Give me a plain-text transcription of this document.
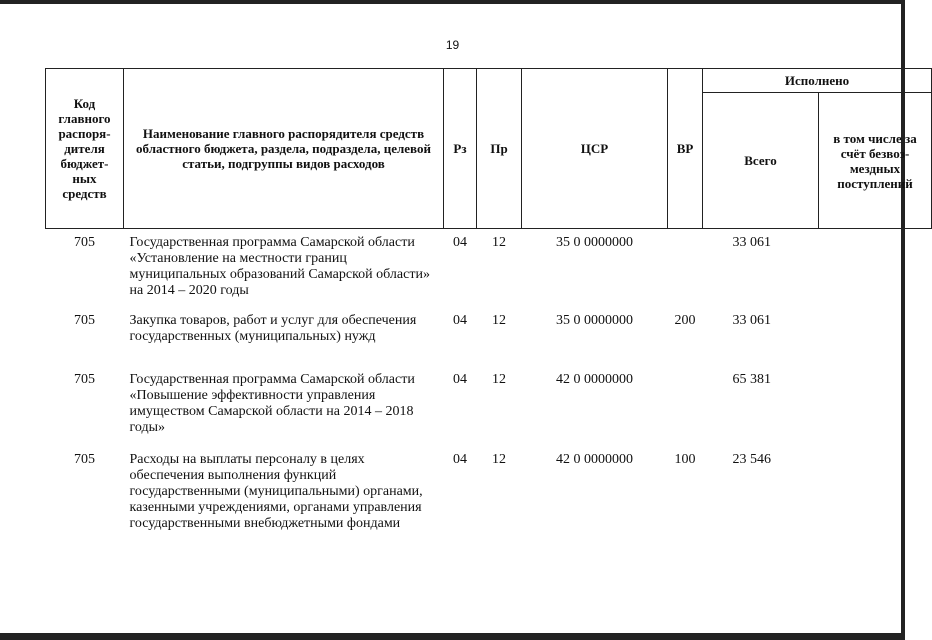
19
Код главного распоря-дителя бюджет-ных средств	Наименование главного распорядителя средств областного бюджета, раздела, подраздела, целевой статьи, подгруппы видов расходов	Рз	Пр	ЦСР	ВР	Исполнено	
						Всего	в том числе за счёт безвоз-мездных поступлений
705	Государственная программа Самарской области «Установление на местности границ муниципальных образований Самарской области» на 2014 – 2020 годы	04	12	35 0 0000000		33 061	
705	Закупка товаров, работ и услуг для обеспечения государственных (муниципальных) нужд	04	12	35 0 0000000	200	33 061	
705	Государственная программа Самарской области «Повышение эффективности управления имуществом Самарской области на 2014 – 2018 годы»	04	12	42 0 0000000		65 381	
705	Расходы на выплаты персоналу в целях обеспечения выполнения функций государственными (муниципальными) органами, казенными учреждениями, органами управления государственными внебюджетными фондами	04	12	42 0 0000000	100	23 546	
